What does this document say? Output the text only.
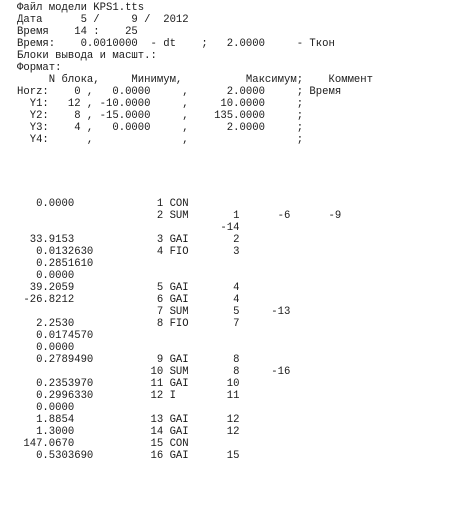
Файл модели KPS1.tts
Дата      5 /     9 /  2012
Время    14 :    25
Время:    0.0010000  - dt    ;   2.0000     - Ткон
Блоки вывода и масшт.:
Формат:
N блока,     Минимум,          Максимум;    Коммент
Horz:    0 ,   0.0000     ,      2.0000     ; Время
Y1:   12 , -10.0000     ,     10.0000     ;
Y2:    8 , -15.0000     ,    135.0000     ;
Y3:    4 ,   0.0000     ,      2.0000     ;
Y4:      ,              ,                 ;
0.0000             1 CON
2 SUM       1      -6      -9
-14
33.9153             3 GAI       2
0.0132630          4 FIO       3
0.2851610
0.0000
39.2059             5 GAI       4
-26.8212             6 GAI       4
7 SUM       5     -13
2.2530             8 FIO       7
0.0174570
0.0000
0.2789490          9 GAI       8
10 SUM       8     -16
0.2353970         11 GAI      10
0.2996330         12 I        11
0.0000
1.8854            13 GAI      12
1.3000            14 GAI      12
147.0670            15 CON
0.5303690         16 GAI      15
